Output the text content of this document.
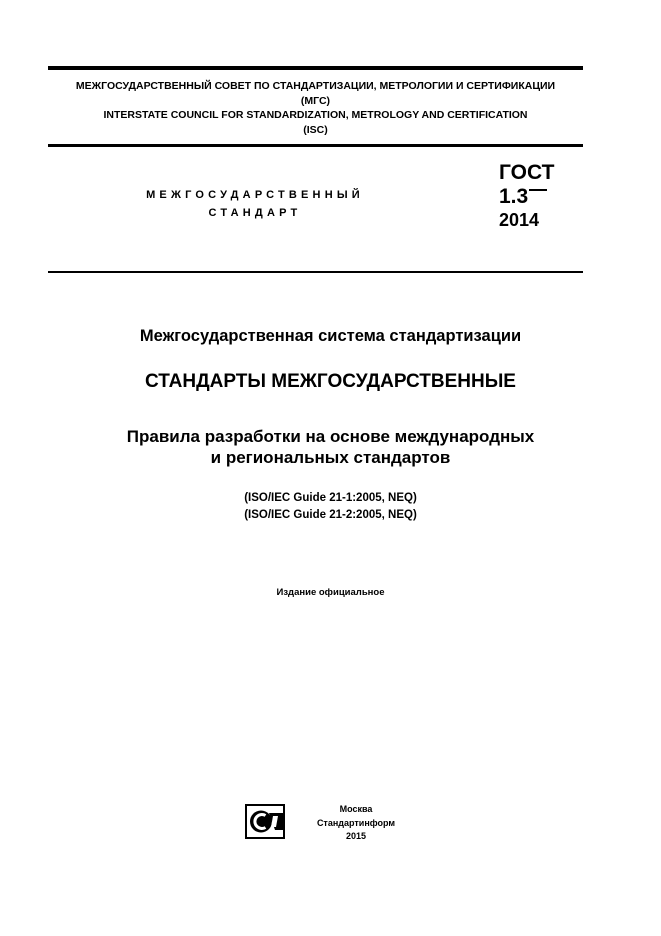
МЕЖГОСУДАРСТВЕННЫЙ СОВЕТ ПО СТАНДАРТИЗАЦИИ, МЕТРОЛОГИИ И СЕРТИФИКАЦИИ
(МГС)
INTERSTATE COUNCIL FOR STANDARDIZATION, METROLOGY AND CERTIFICATION
(ISC)
МЕЖГОСУДАРСТВЕННЫЙ
СТАНДАРТ
ГОСТ
1.3
2014
Межгосударственная система стандартизации
СТАНДАРТЫ МЕЖГОСУДАРСТВЕННЫЕ
Правила разработки на основе международных
и региональных стандартов
(ISO/IEC Guide 21-1:2005, NEQ)
(ISO/IEC Guide 21-2:2005, NEQ)
Издание официальное
Москва
Стандартинформ
2015
